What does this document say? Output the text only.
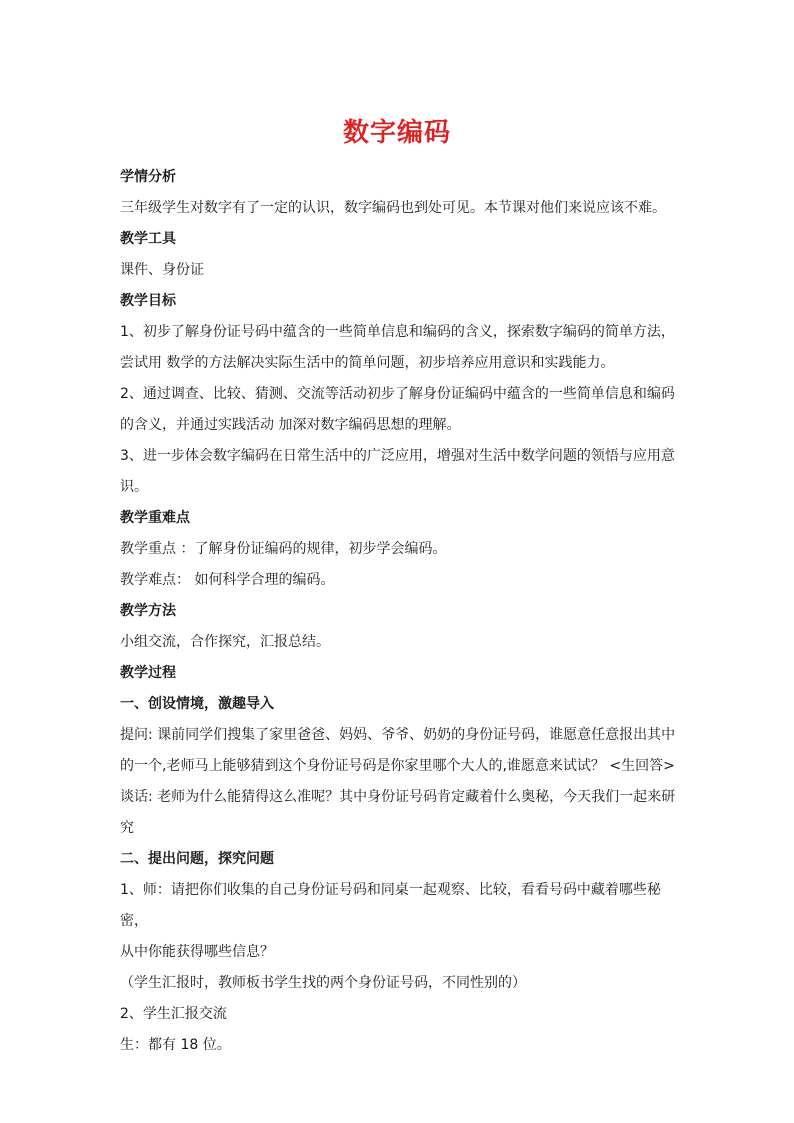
数字编码

学情分析

三年级学生对数字有了一定的认识，数字编码也到处可见。本节课对他们来说应该不难。

教学工具

课件、身份证

教学目标

1、初步了解身份证号码中蕴含的一些简单信息和编码的含义，探索数字编码的简单方法，

尝试用 数学的方法解决实际生活中的简单问题，初步培养应用意识和实践能力。

2、通过调查、比较、猜测、交流等活动初步了解身份证编码中蕴含的一些简单信息和编码

的含义，并通过实践活动 加深对数字编码思想的理解。

3、进一步体会数字编码在日常生活中的广泛应用，增强对生活中数学问题的领悟与应用意

识。

教学重难点

教学重点 ：了解身份证编码的规律，初步学会编码。

教学难点： 如何科学合理的编码。

教学方法

小组交流，合作探究，汇报总结。

教学过程

一、创设情境，激趣导入

提问: 课前同学们搜集了家里爸爸、妈妈、爷爷、奶奶的身份证号码，谁愿意任意报出其中

的一个,老师马上能够猜到这个身份证号码是你家里哪个大人的,谁愿意来试试？ <生回答>

谈话: 老师为什么能猜得这么准呢？其中身份证号码肯定藏着什么奥秘，今天我们一起来研

究

二、提出问题，探究问题

1、师：请把你们收集的自己身份证号码和同桌一起观察、比较，看看号码中藏着哪些秘密，

从中你能获得哪些信息？

（学生汇报时，教师板书学生找的两个身份证号码，不同性别的）

2、学生汇报交流

生：都有 18 位。
